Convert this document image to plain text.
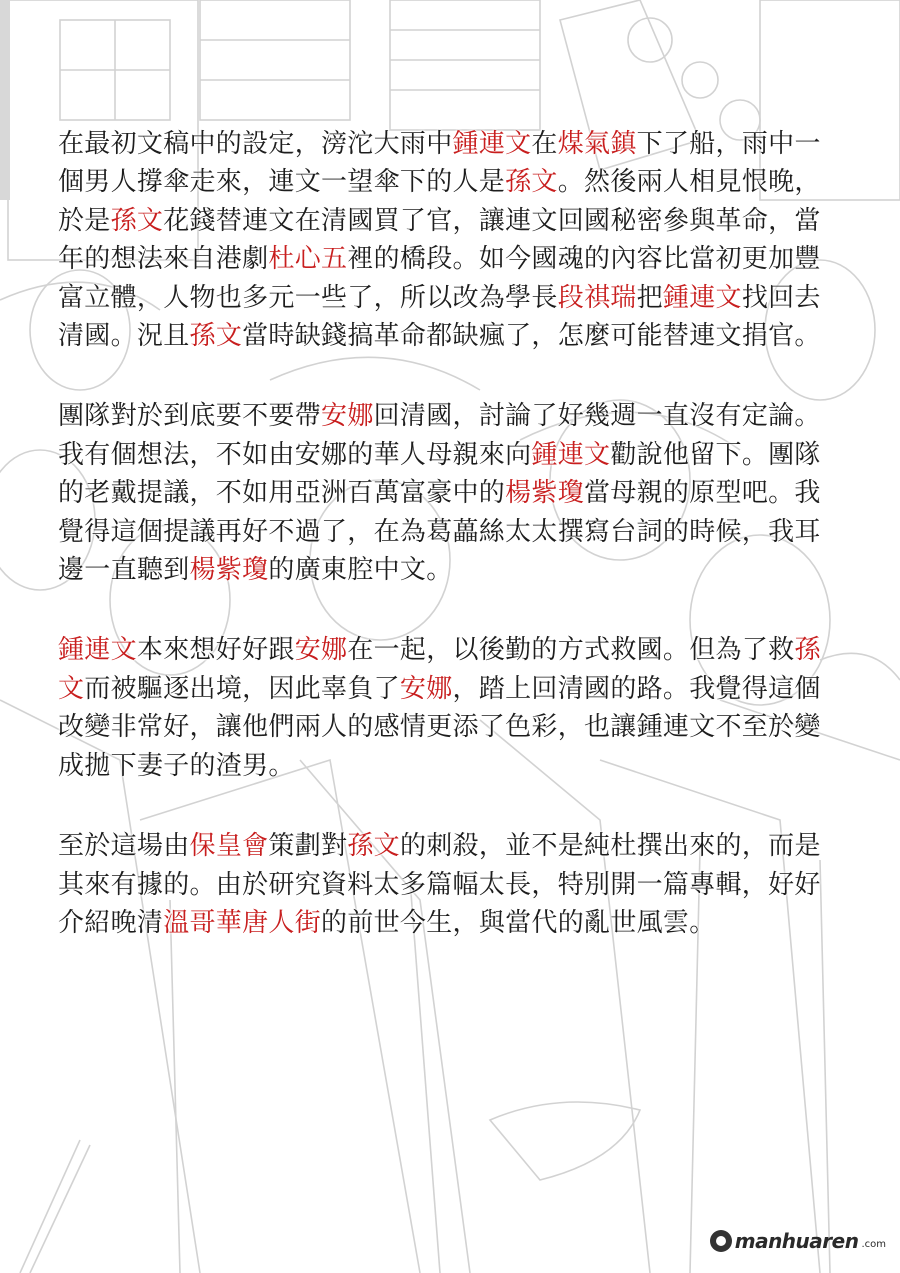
在最初文稿中的設定，滂沱大雨中鍾連文在煤氣鎮下了船，雨中一
個男人撐傘走來，連文一望傘下的人是孫文。然後兩人相見恨晚，
於是孫文花錢替連文在清國買了官，讓連文回國秘密參與革命，當
年的想法來自港劇杜心五裡的橋段。如今國魂的內容比當初更加豐
富立體，人物也多元一些了，所以改為學長段祺瑞把鍾連文找回去
清國。況且孫文當時缺錢搞革命都缺瘋了，怎麼可能替連文捐官。
團隊對於到底要不要帶安娜回清國，討論了好幾週一直沒有定論。
我有個想法，不如由安娜的華人母親來向鍾連文勸說他留下。團隊
的老戴提議，不如用亞洲百萬富豪中的楊紫瓊當母親的原型吧。我
覺得這個提議再好不過了，在為葛藟絲太太撰寫台詞的時候，我耳
邊一直聽到楊紫瓊的廣東腔中文。
鍾連文本來想好好跟安娜在一起，以後勤的方式救國。但為了救孫
文而被驅逐出境，因此辜負了安娜，踏上回清國的路。我覺得這個
改變非常好，讓他們兩人的感情更添了色彩，也讓鍾連文不至於變
成拋下妻子的渣男。
至於這場由保皇會策劃對孫文的刺殺，並不是純杜撰出來的，而是
其來有據的。由於研究資料太多篇幅太長，特別開一篇專輯，好好
介紹晚清溫哥華唐人街的前世今生，與當代的亂世風雲。
manhuaren .com
